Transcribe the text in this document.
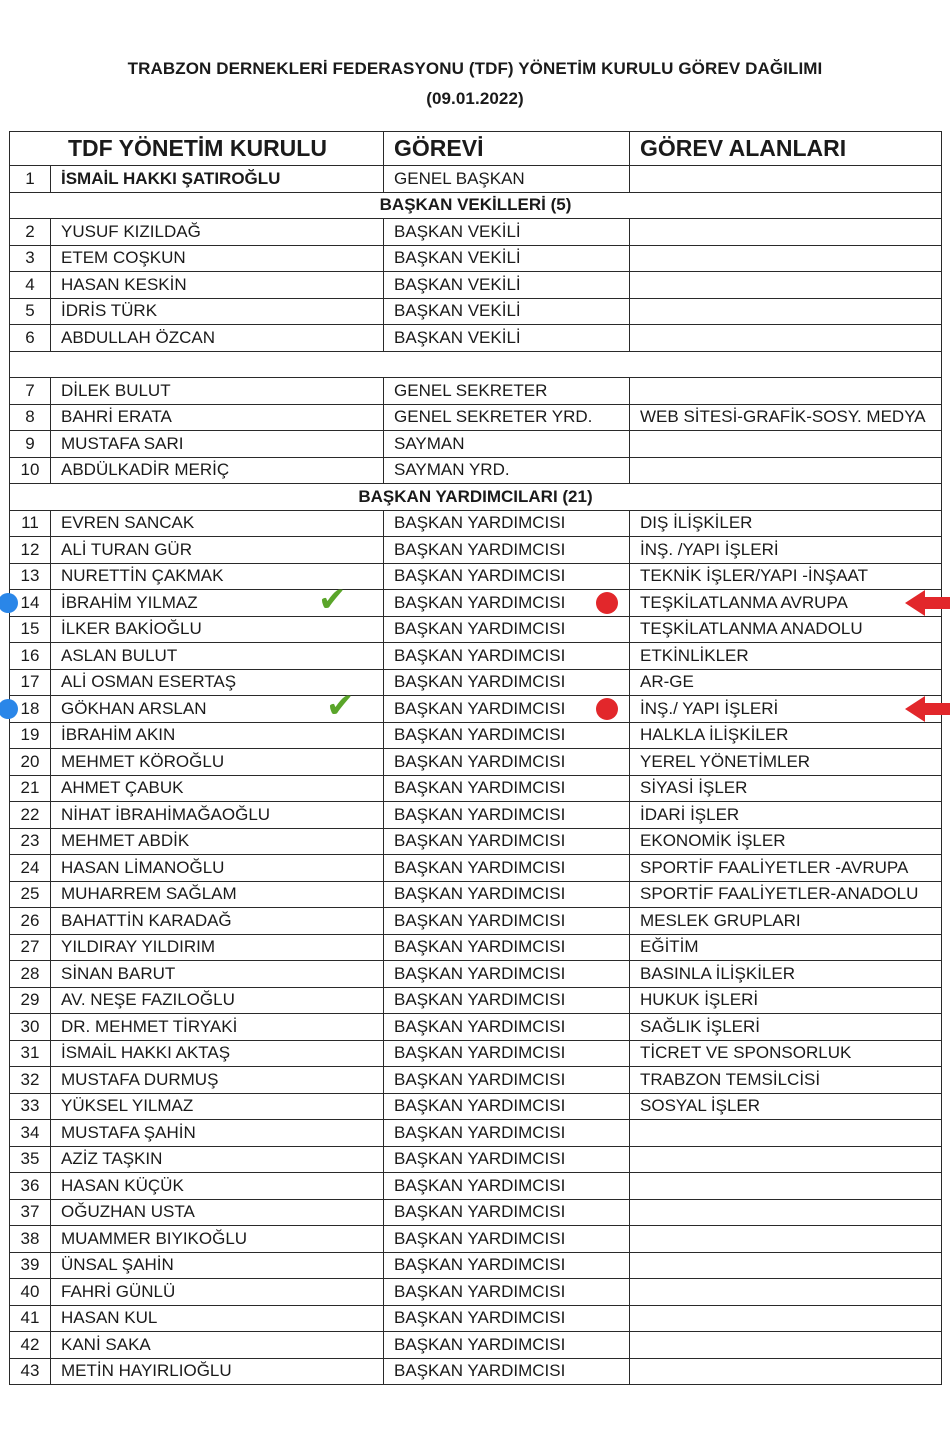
TRABZON DERNEKLERİ FEDERASYONU (TDF) YÖNETİM KURULU GÖREV DAĞILIMI
(09.01.2022)
TDF YÖNETİM KURULU		GÖREVİ	GÖREV ALANLARI
1	İSMAİL HAKKI ŞATIROĞLU	GENEL BAŞKAN	
BAŞKAN VEKİLLERİ (5)			
2	YUSUF KIZILDAĞ	BAŞKAN VEKİLİ	
3	ETEM COŞKUN	BAŞKAN VEKİLİ	
4	HASAN KESKİN	BAŞKAN VEKİLİ	
5	İDRİS TÜRK	BAŞKAN VEKİLİ	
6	ABDULLAH ÖZCAN	BAŞKAN VEKİLİ	

7	DİLEK BULUT	GENEL SEKRETER	
8	BAHRİ ERATA	GENEL SEKRETER YRD.	WEB SİTESİ-GRAFİK-SOSY. MEDYA
9	MUSTAFA SARI	SAYMAN	
10	ABDÜLKADİR MERİÇ	SAYMAN YRD.	
BAŞKAN YARDIMCILARI (21)			
11	EVREN SANCAK	BAŞKAN YARDIMCISI	DIŞ İLİŞKİLER
12	ALİ TURAN GÜR	BAŞKAN YARDIMCISI	İNŞ. /YAPI İŞLERİ
13	NURETTİN ÇAKMAK	BAŞKAN YARDIMCISI	TEKNİK İŞLER/YAPI -İNŞAAT
14	İBRAHİM YILMAZ	BAŞKAN YARDIMCISI	TEŞKİLATLANMA AVRUPA
15	İLKER BAKİOĞLU	BAŞKAN YARDIMCISI	TEŞKİLATLANMA ANADOLU
16	ASLAN BULUT	BAŞKAN YARDIMCISI	ETKİNLİKLER
17	ALİ OSMAN ESERTAŞ	BAŞKAN YARDIMCISI	AR-GE
18	GÖKHAN ARSLAN	BAŞKAN YARDIMCISI	İNŞ./ YAPI İŞLERİ
19	İBRAHİM AKIN	BAŞKAN YARDIMCISI	HALKLA İLİŞKİLER
20	MEHMET KÖROĞLU	BAŞKAN YARDIMCISI	YEREL YÖNETİMLER
21	AHMET ÇABUK	BAŞKAN YARDIMCISI	SİYASİ İŞLER
22	NİHAT İBRAHİMAĞAOĞLU	BAŞKAN YARDIMCISI	İDARİ İŞLER
23	MEHMET ABDİK	BAŞKAN YARDIMCISI	EKONOMİK İŞLER
24	HASAN LİMANOĞLU	BAŞKAN YARDIMCISI	SPORTİF FAALİYETLER -AVRUPA
25	MUHARREM SAĞLAM	BAŞKAN YARDIMCISI	SPORTİF FAALİYETLER-ANADOLU
26	BAHATTİN KARADAĞ	BAŞKAN YARDIMCISI	MESLEK GRUPLARI
27	YILDIRAY YILDIRIM	BAŞKAN YARDIMCISI	EĞİTİM
28	SİNAN BARUT	BAŞKAN YARDIMCISI	BASINLA İLİŞKİLER
29	AV. NEŞE FAZILOĞLU	BAŞKAN YARDIMCISI	HUKUK İŞLERİ
30	DR. MEHMET TİRYAKİ	BAŞKAN YARDIMCISI	SAĞLIK İŞLERİ
31	İSMAİL HAKKI AKTAŞ	BAŞKAN YARDIMCISI	TİCRET VE SPONSORLUK
32	MUSTAFA DURMUŞ	BAŞKAN YARDIMCISI	TRABZON TEMSİLCİSİ
33	YÜKSEL YILMAZ	BAŞKAN YARDIMCISI	SOSYAL İŞLER
34	MUSTAFA ŞAHİN	BAŞKAN YARDIMCISI	
35	AZİZ TAŞKIN	BAŞKAN YARDIMCISI	
36	HASAN KÜÇÜK	BAŞKAN YARDIMCISI	
37	OĞUZHAN USTA	BAŞKAN YARDIMCISI	
38	MUAMMER BIYIKOĞLU	BAŞKAN YARDIMCISI	
39	ÜNSAL ŞAHİN	BAŞKAN YARDIMCISI	
40	FAHRİ GÜNLÜ	BAŞKAN YARDIMCISI	
41	HASAN KUL	BAŞKAN YARDIMCISI	
42	KANİ SAKA	BAŞKAN YARDIMCISI	
43	METİN HAYIRLIOĞLU	BAŞKAN YARDIMCISI	
✔
✔
